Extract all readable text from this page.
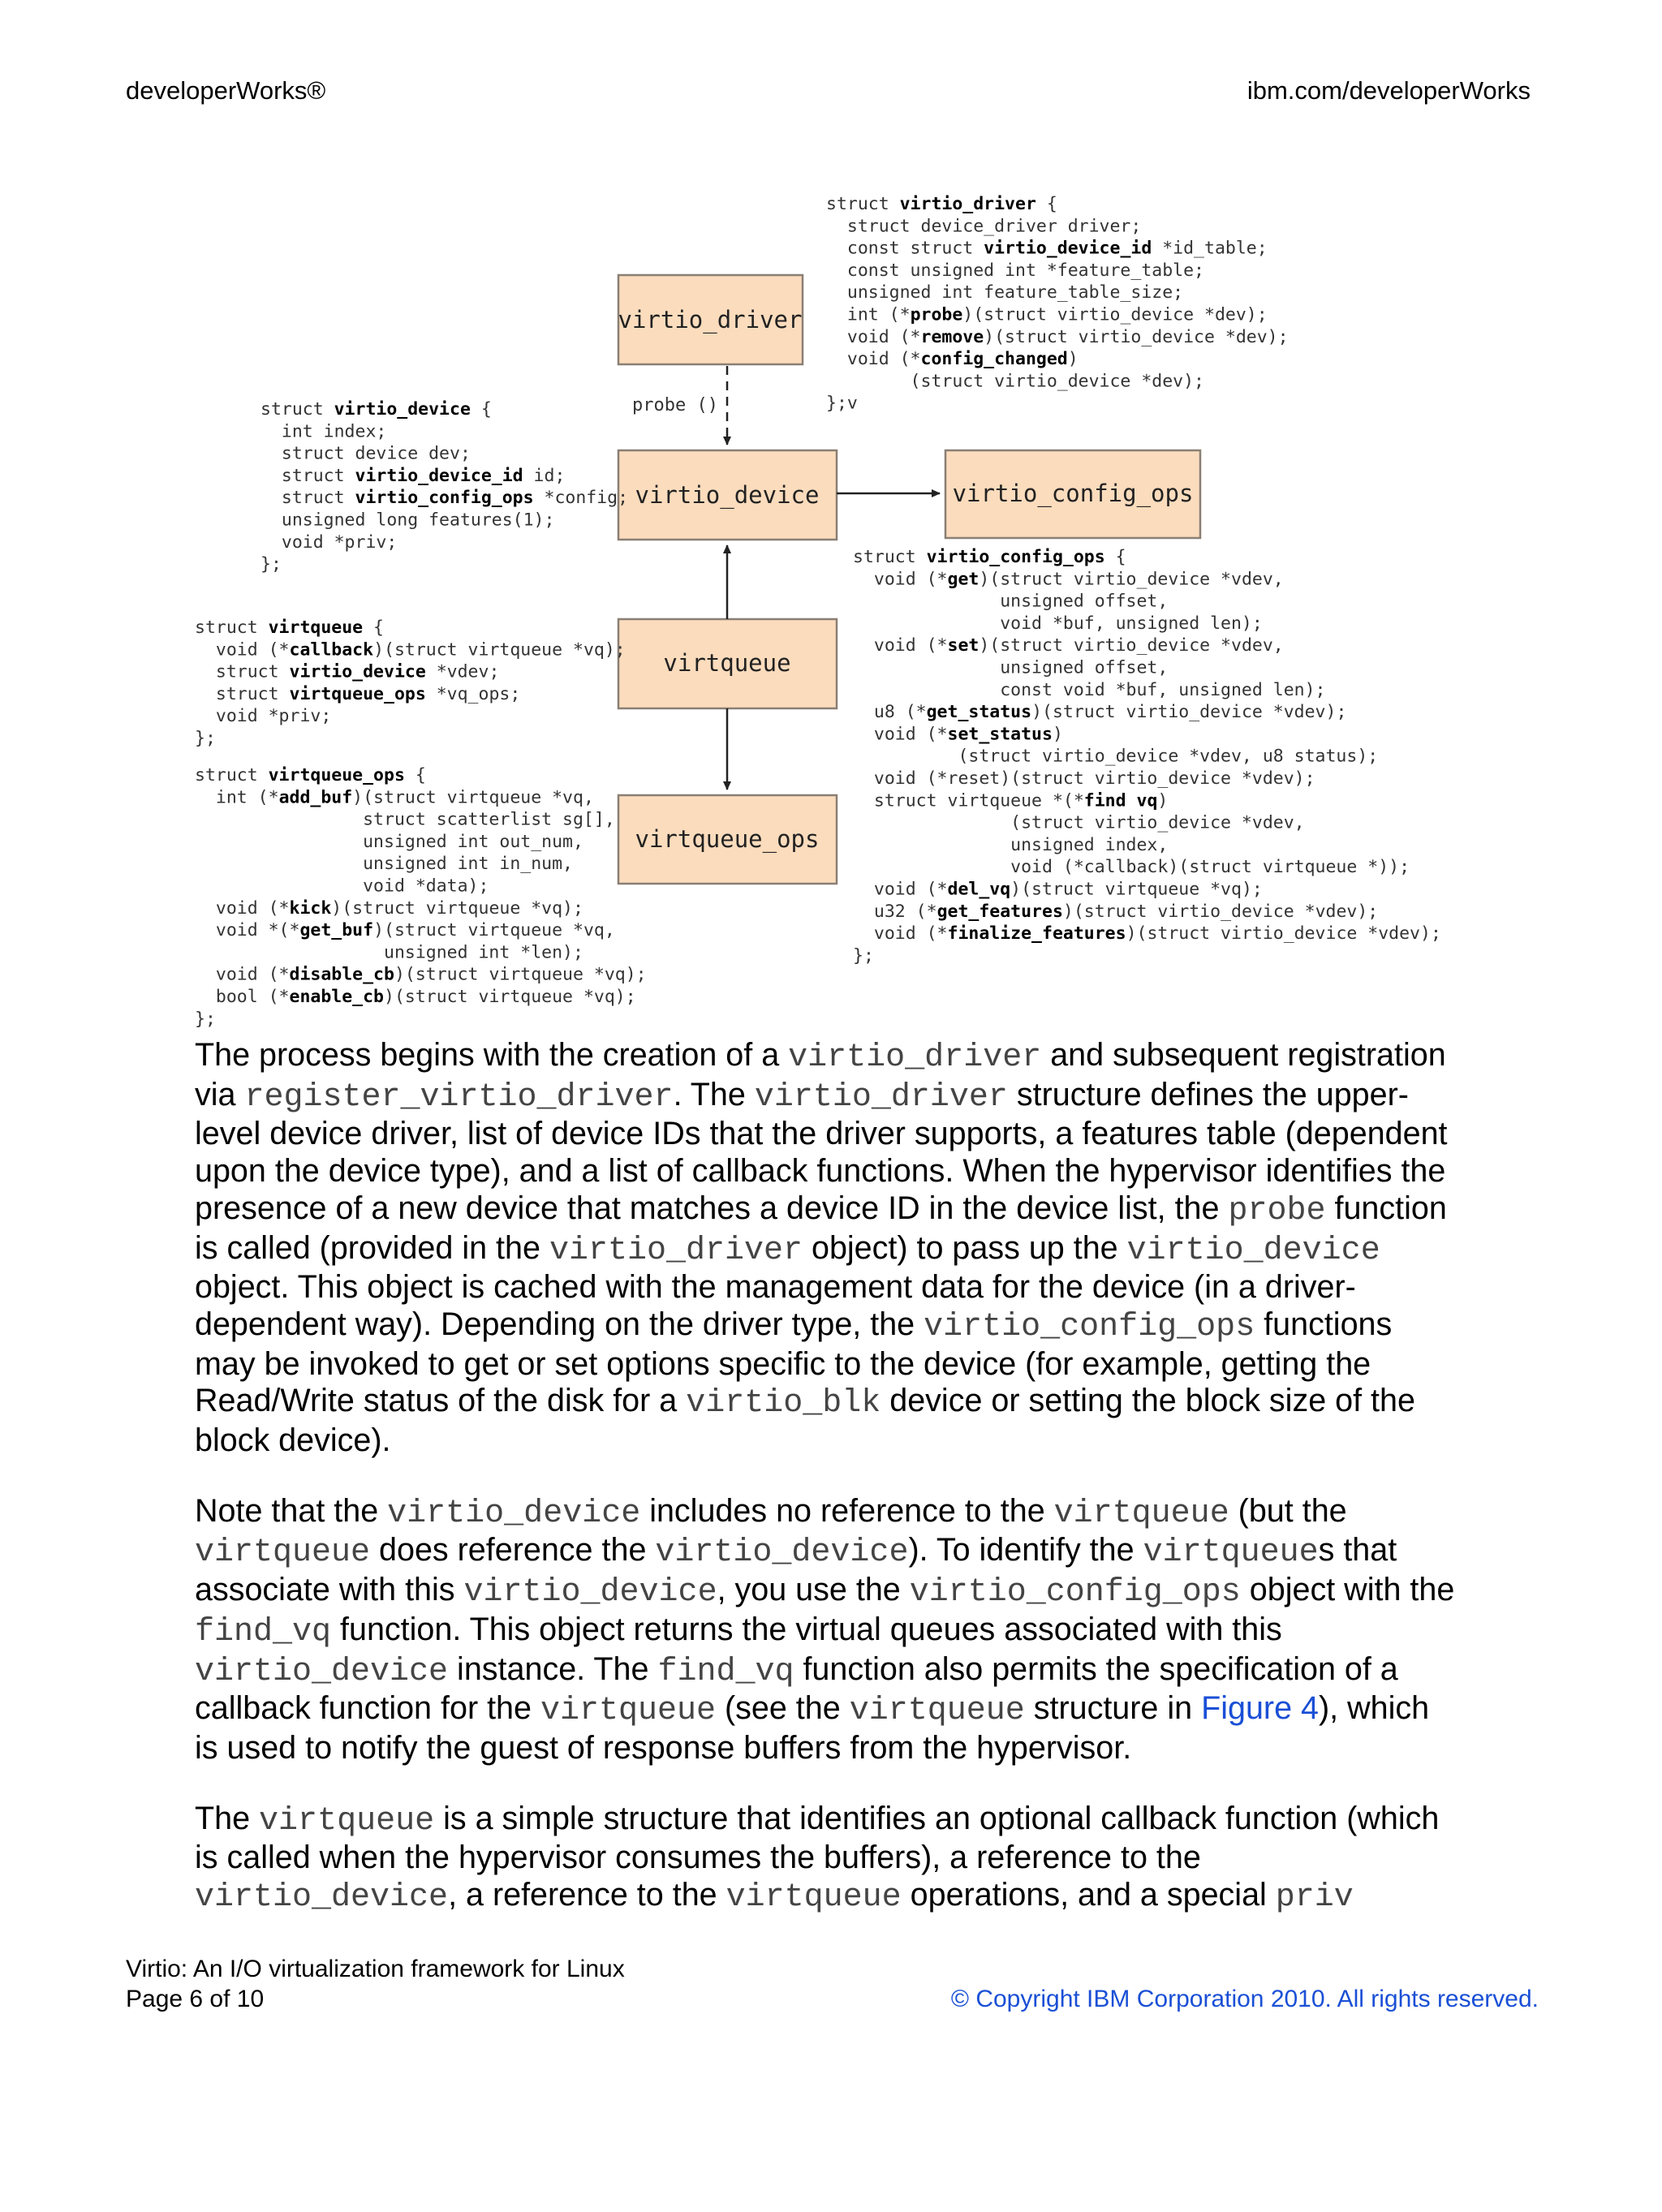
developerWorks®	ibm.com/developerWorks
virtio_driver
virtio_device	virtio_config_ops
virtqueue
virtqueue_ops
probe ()
struct virtio_driver {
struct device_driver driver;
const struct virtio_device_id *id_table;
const unsigned int *feature_table;
unsigned int feature_table_size;
int (*probe)(struct virtio_device *dev);
void (*remove)(struct virtio_device *dev);
void (*config_changed)
(struct virtio_device *dev);
};v
struct virtio_device {
int index;
struct device dev;
struct virtio_device_id id;
struct virtio_config_ops *config;
unsigned long features(1);
void *priv;
};	struct virtio_config_ops {
void (*get)(struct virtio_device *vdev,
unsigned offset,
void *buf, unsigned len);
void (*set)(struct virtio_device *vdev,
unsigned offset,
const void *buf, unsigned len);
u8 (*get_status)(struct virtio_device *vdev);
void (*set_status)
(struct virtio_device *vdev, u8 status);
void (*reset)(struct virtio_device *vdev);
struct virtqueue *(*find vq)
(struct virtio_device *vdev,
unsigned index,
void (*callback)(struct virtqueue *));
void (*del_vq)(struct virtqueue *vq);
u32 (*get_features)(struct virtio_device *vdev);
void (*finalize_features)(struct virtio_device *vdev);
};
struct virtqueue {
void (*callback)(struct virtqueue *vq);
struct virtio_device *vdev;
struct virtqueue_ops *vq_ops;
void *priv;
};
struct virtqueue_ops {
int (*add_buf)(struct virtqueue *vq,
struct scatterlist sg[],
unsigned int out_num,
unsigned int in_num,
void *data);
void (*kick)(struct virtqueue *vq);
void *(*get_buf)(struct virtqueue *vq,
unsigned int *len);
void (*disable_cb)(struct virtqueue *vq);
bool (*enable_cb)(struct virtqueue *vq);
};

The process begins with the creation of a virtio_driver and subsequent registration via register_virtio_driver. The virtio_driver structure defines the upper-level device driver, list of device IDs that the driver supports, a features table (dependent upon the device type), and a list of callback functions. When the hypervisor identifies the presence of a new device that matches a device ID in the device list, the probe function is called (provided in the virtio_driver object) to pass up the virtio_device object. This object is cached with the management data for the device (in a driver-dependent way). Depending on the driver type, the virtio_config_ops functions may be invoked to get or set options specific to the device (for example, getting the Read/Write status of the disk for a virtio_blk device or setting the block size of the block device).

Note that the virtio_device includes no reference to the virtqueue (but the virtqueue does reference the virtio_device). To identify the virtqueues that associate with this virtio_device, you use the virtio_config_ops object with the find_vq function. This object returns the virtual queues associated with this virtio_device instance. The find_vq function also permits the specification of a callback function for the virtqueue (see the virtqueue structure in Figure 4), which is used to notify the guest of response buffers from the hypervisor.

The virtqueue is a simple structure that identifies an optional callback function (which is called when the hypervisor consumes the buffers), a reference to the virtio_device, a reference to the virtqueue operations, and a special priv

Virtio: An I/O virtualization framework for Linux
Page 6 of 10	© Copyright IBM Corporation 2010. All rights reserved.
